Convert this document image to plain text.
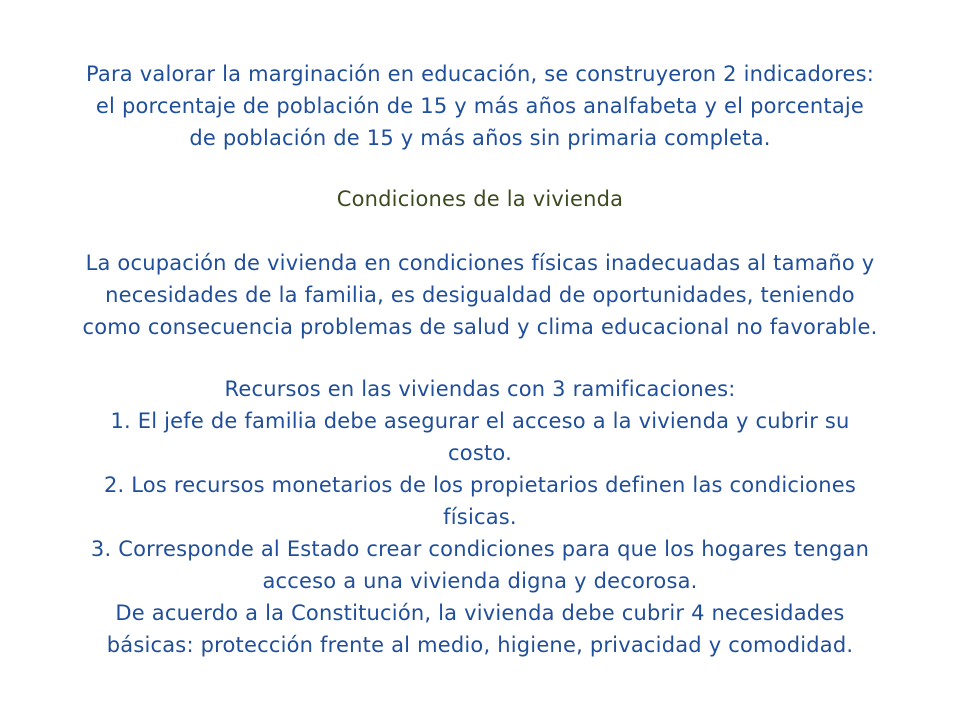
Para valorar la marginación en educación, se construyeron 2 indicadores:
el porcentaje de población de 15 y más años analfabeta y el porcentaje
de población de 15 y más años sin primaria completa.

Condiciones de la vivienda

La ocupación de vivienda en condiciones físicas inadecuadas al tamaño y
necesidades de la familia, es desigualdad de oportunidades, teniendo
como consecuencia problemas de salud y clima educacional no favorable.

Recursos en las viviendas con 3 ramificaciones:
1. El jefe de familia debe asegurar el acceso a la vivienda y cubrir su
costo.
2. Los recursos monetarios de los propietarios definen las condiciones
físicas.
3. Corresponde al Estado crear condiciones para que los hogares tengan
acceso a una vivienda digna y decorosa.
De acuerdo a la Constitución, la vivienda debe cubrir 4 necesidades
básicas: protección frente al medio, higiene, privacidad y comodidad.
